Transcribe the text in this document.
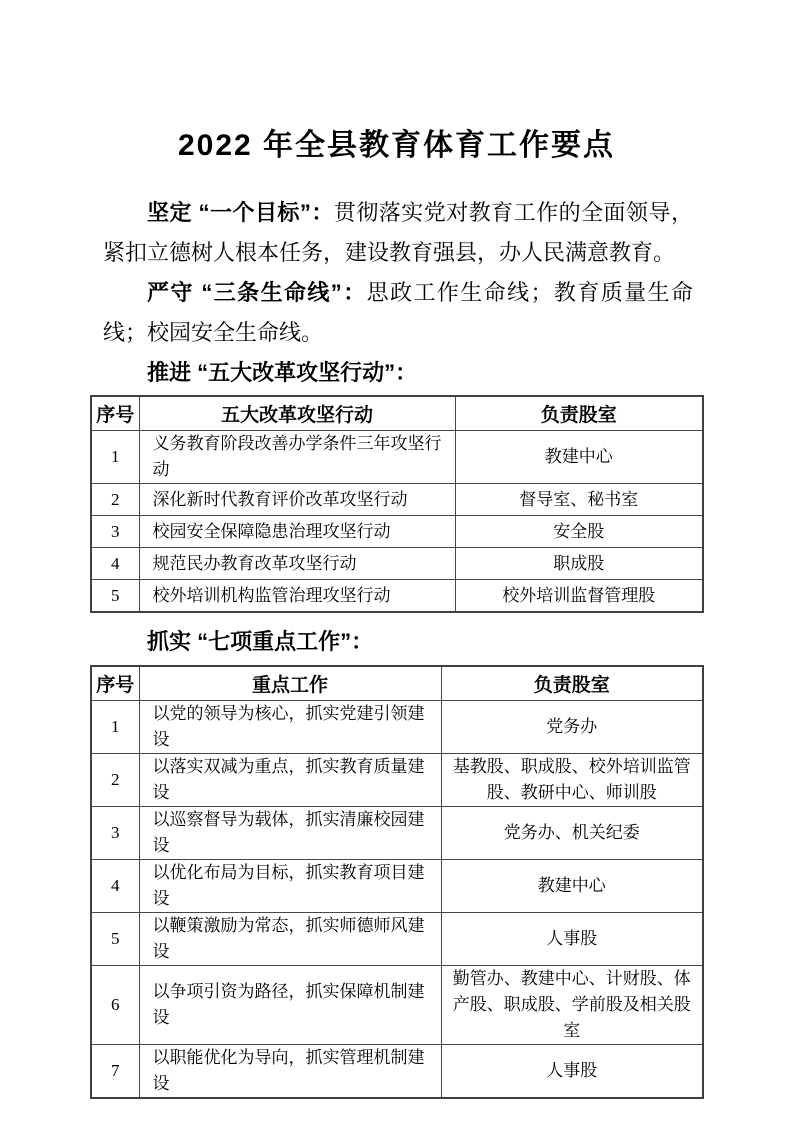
2022 年全县教育体育工作要点

坚定 “一个目标”：贯彻落实党对教育工作的全面领导，紧扣立德树人根本任务，建设教育强县，办人民满意教育。

严守 “三条生命线”：思政工作生命线；教育质量生命线；校园安全生命线。

推进 “五大改革攻坚行动”：

序号	五大改革攻坚行动	负责股室
1	义务教育阶段改善办学条件三年攻坚行动	教建中心
2	深化新时代教育评价改革攻坚行动	督导室、秘书室
3	校园安全保障隐患治理攻坚行动	安全股
4	规范民办教育改革攻坚行动	职成股
5	校外培训机构监管治理攻坚行动	校外培训监督管理股

抓实 “七项重点工作”：

序号	重点工作	负责股室
1	以党的领导为核心，抓实党建引领建设	党务办
2	以落实双减为重点，抓实教育质量建设	基教股、职成股、校外培训监管股、教研中心、师训股
3	以巡察督导为载体，抓实清廉校园建设	党务办、机关纪委
4	以优化布局为目标，抓实教育项目建设	教建中心
5	以鞭策激励为常态，抓实师德师风建设	人事股
6	以争项引资为路径，抓实保障机制建设	勤管办、教建中心、计财股、体产股、职成股、学前股及相关股室
7	以职能优化为导向，抓实管理机制建设	人事股
